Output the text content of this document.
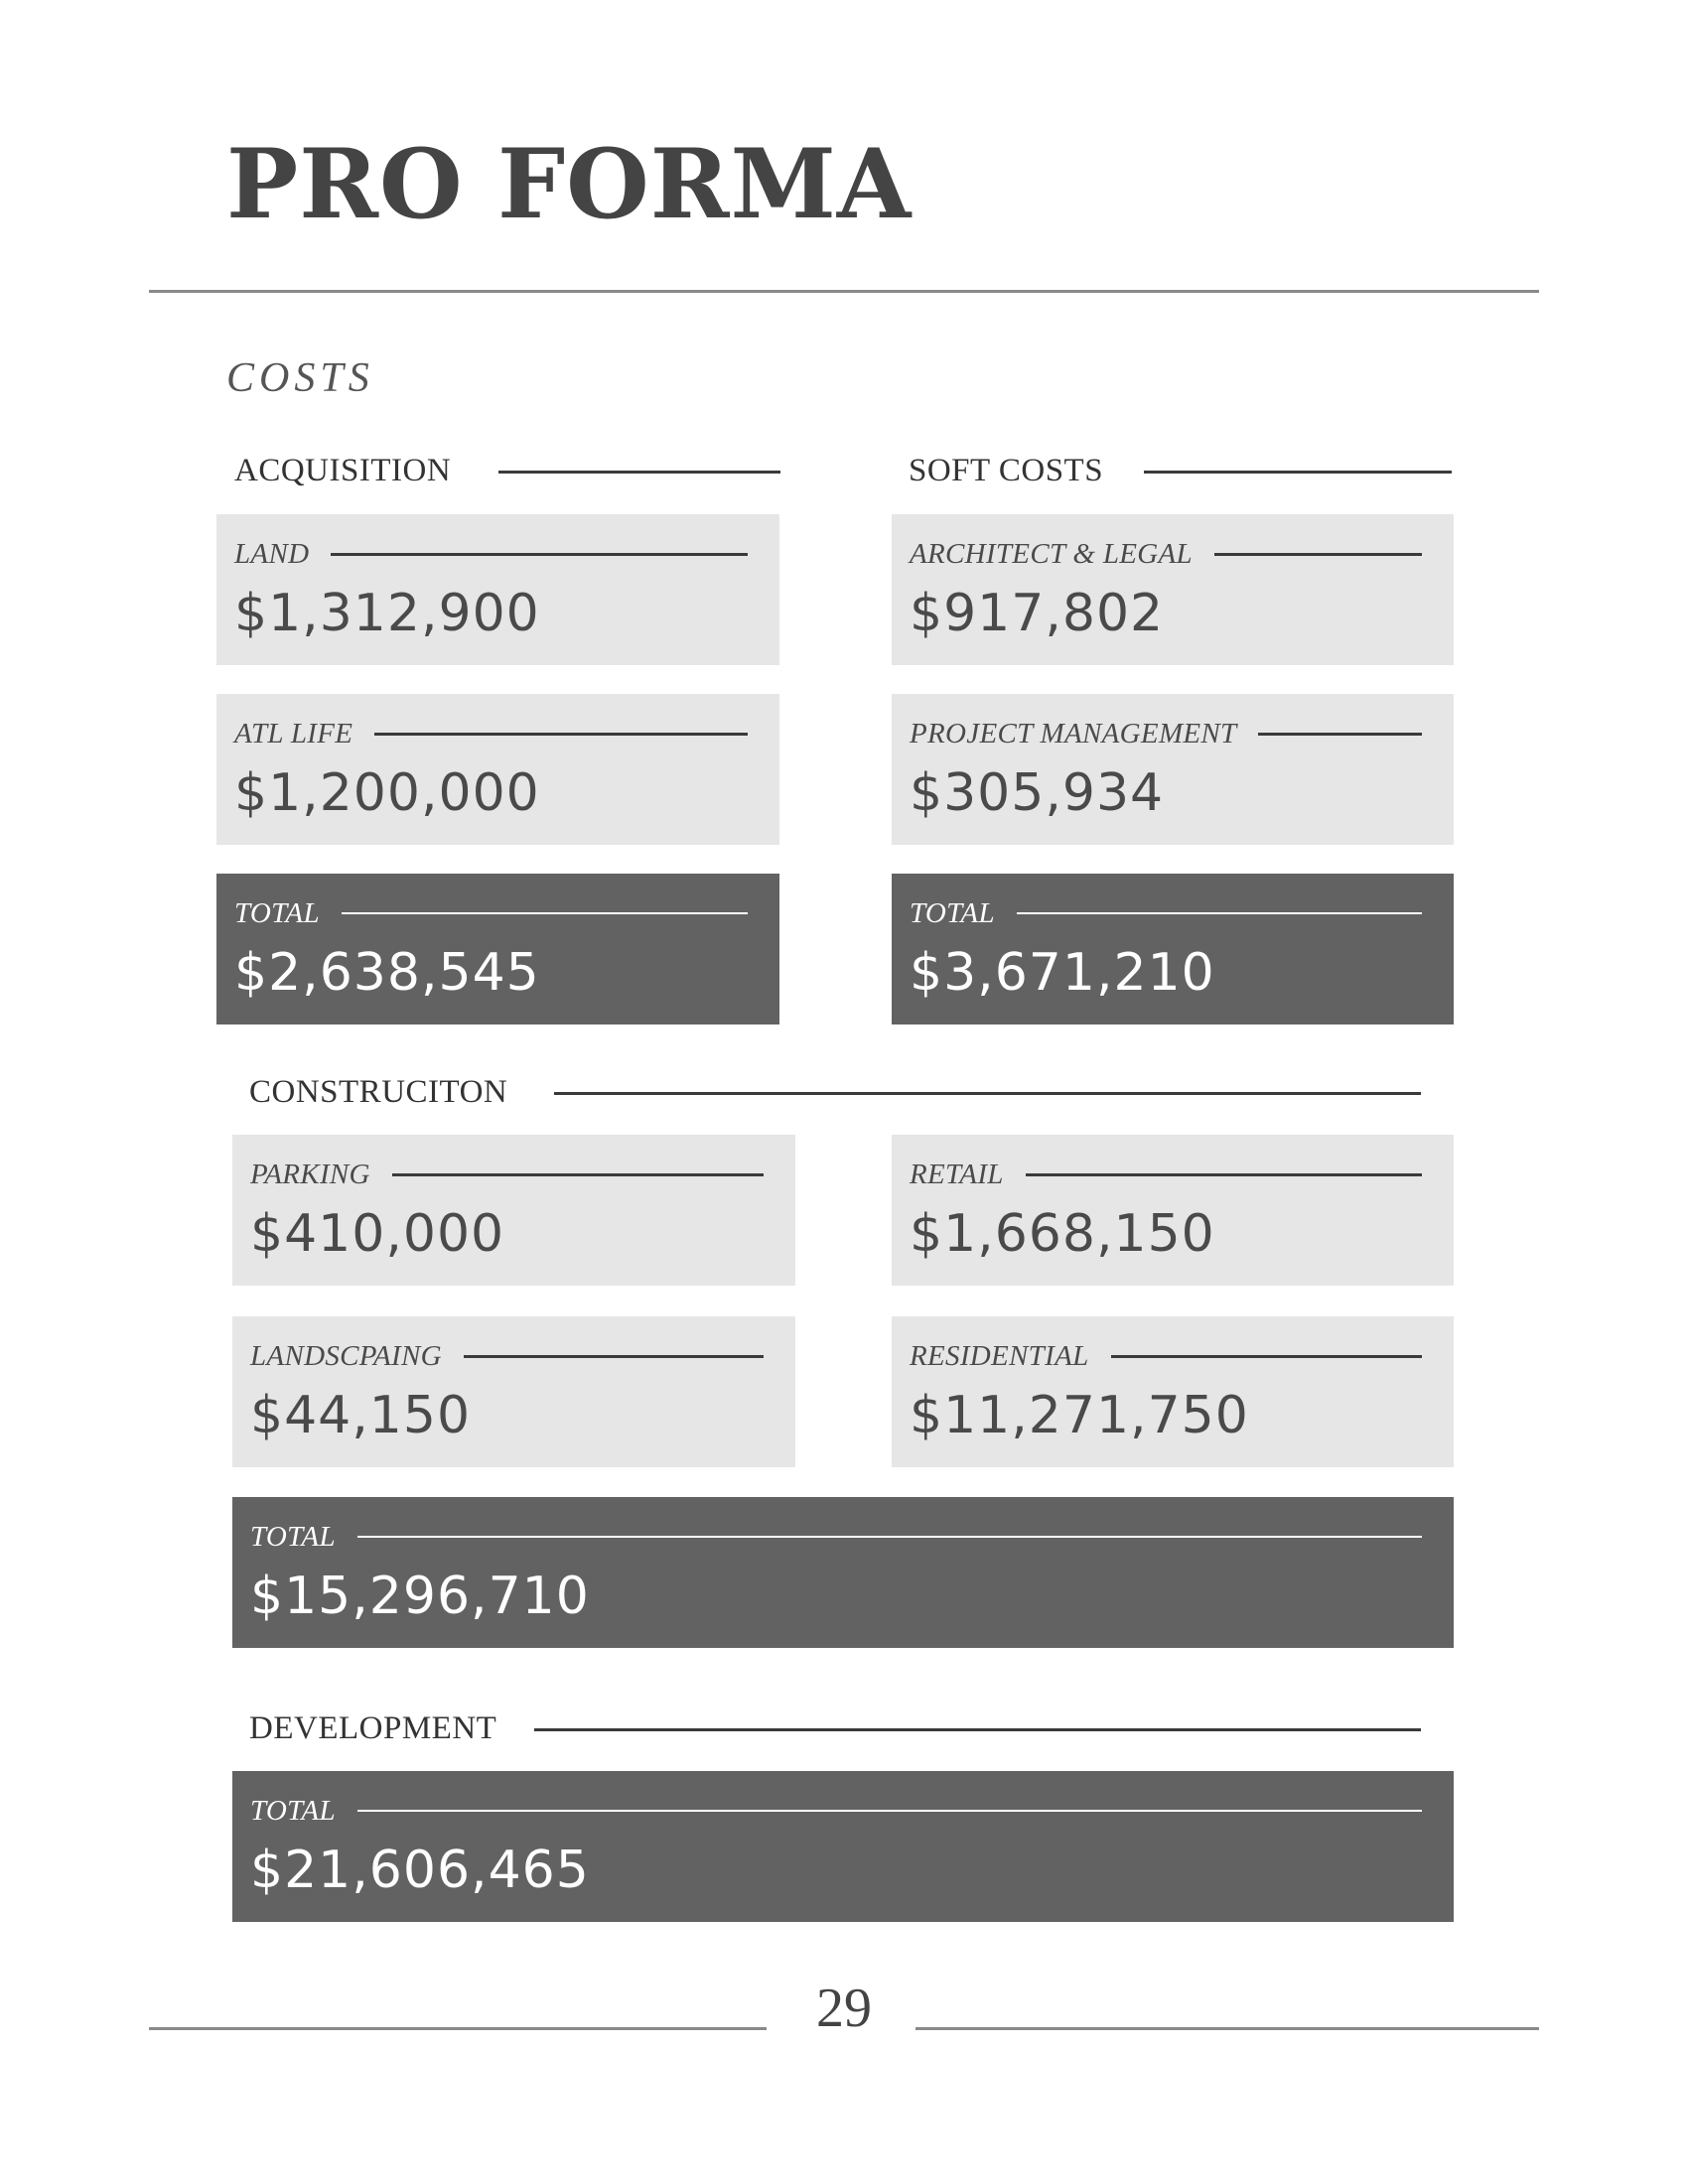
PRO FORMA
COSTS
ACQUISITION
LAND
$1,312,900
ATL LIFE
$1,200,000
TOTAL
$2,638,545
SOFT COSTS
ARCHITECT & LEGAL
$917,802
PROJECT MANAGEMENT
$305,934
TOTAL
$3,671,210
CONSTRUCITON
PARKING
$410,000
RETAIL
$1,668,150
LANDSCPAING
$44,150
RESIDENTIAL
$11,271,750
TOTAL
$15,296,710
DEVELOPMENT
TOTAL
$21,606,465
29
